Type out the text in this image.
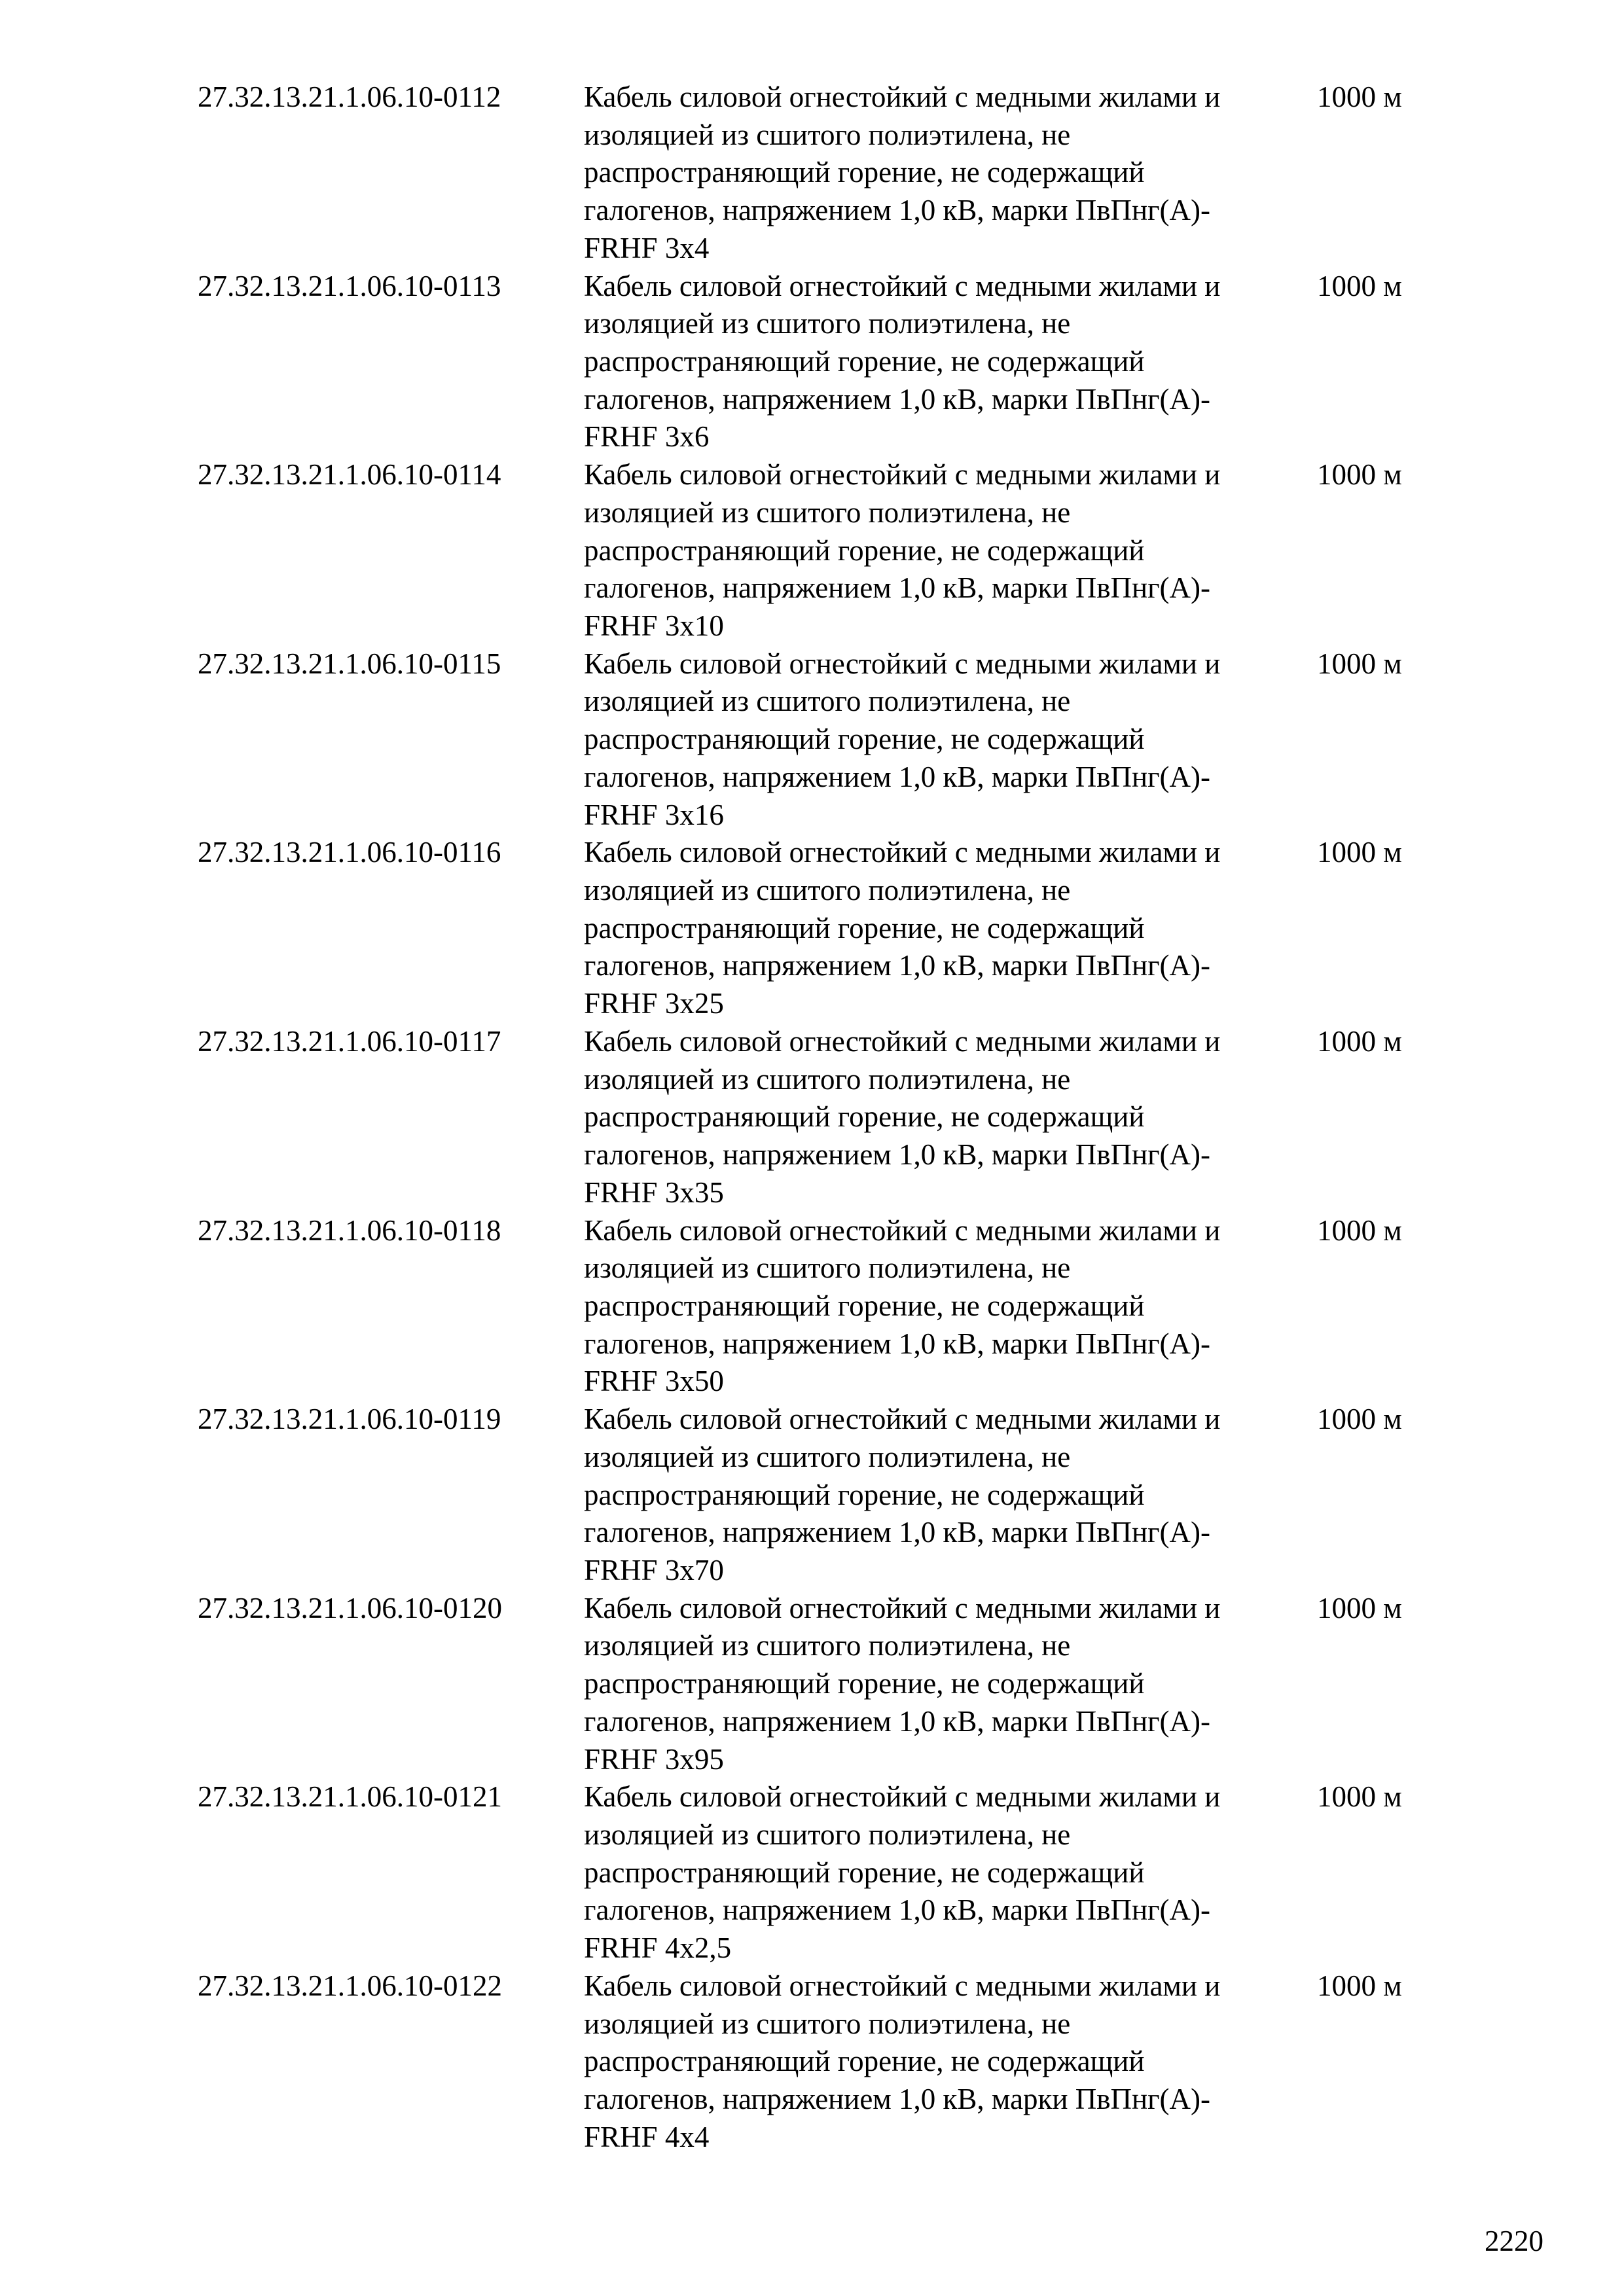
27.32.13.21.1.06.10-0112	Кабель силовой огнестойкий с медными жилами и
изоляцией из сшитого полиэтилена, не
распространяющий горение, не содержащий
галогенов, напряжением 1,0 кВ, марки ПвПнг(А)-
FRHF 3x4
1000 м
27.32.13.21.1.06.10-0113	Кабель силовой огнестойкий с медными жилами и
изоляцией из сшитого полиэтилена, не
распространяющий горение, не содержащий
галогенов, напряжением 1,0 кВ, марки ПвПнг(А)-
FRHF 3x6
1000 м
27.32.13.21.1.06.10-0114	Кабель силовой огнестойкий с медными жилами и
изоляцией из сшитого полиэтилена, не
распространяющий горение, не содержащий
галогенов, напряжением 1,0 кВ, марки ПвПнг(А)-
FRHF 3x10
1000 м
27.32.13.21.1.06.10-0115	Кабель силовой огнестойкий с медными жилами и
изоляцией из сшитого полиэтилена, не
распространяющий горение, не содержащий
галогенов, напряжением 1,0 кВ, марки ПвПнг(А)-
FRHF 3x16
1000 м
27.32.13.21.1.06.10-0116	Кабель силовой огнестойкий с медными жилами и
изоляцией из сшитого полиэтилена, не
распространяющий горение, не содержащий
галогенов, напряжением 1,0 кВ, марки ПвПнг(А)-
FRHF 3x25
1000 м
27.32.13.21.1.06.10-0117	Кабель силовой огнестойкий с медными жилами и
изоляцией из сшитого полиэтилена, не
распространяющий горение, не содержащий
галогенов, напряжением 1,0 кВ, марки ПвПнг(А)-
FRHF 3x35
1000 м
27.32.13.21.1.06.10-0118	Кабель силовой огнестойкий с медными жилами и
изоляцией из сшитого полиэтилена, не
распространяющий горение, не содержащий
галогенов, напряжением 1,0 кВ, марки ПвПнг(А)-
FRHF 3x50
1000 м
27.32.13.21.1.06.10-0119	Кабель силовой огнестойкий с медными жилами и
изоляцией из сшитого полиэтилена, не
распространяющий горение, не содержащий
галогенов, напряжением 1,0 кВ, марки ПвПнг(А)-
FRHF 3x70
1000 м
27.32.13.21.1.06.10-0120	Кабель силовой огнестойкий с медными жилами и
изоляцией из сшитого полиэтилена, не
распространяющий горение, не содержащий
галогенов, напряжением 1,0 кВ, марки ПвПнг(А)-
FRHF 3x95
1000 м
27.32.13.21.1.06.10-0121	Кабель силовой огнестойкий с медными жилами и
изоляцией из сшитого полиэтилена, не
распространяющий горение, не содержащий
галогенов, напряжением 1,0 кВ, марки ПвПнг(А)-
FRHF 4x2,5
1000 м
27.32.13.21.1.06.10-0122	Кабель силовой огнестойкий с медными жилами и
изоляцией из сшитого полиэтилена, не
распространяющий горение, не содержащий
галогенов, напряжением 1,0 кВ, марки ПвПнг(А)-
FRHF 4x4
1000 м
2220
